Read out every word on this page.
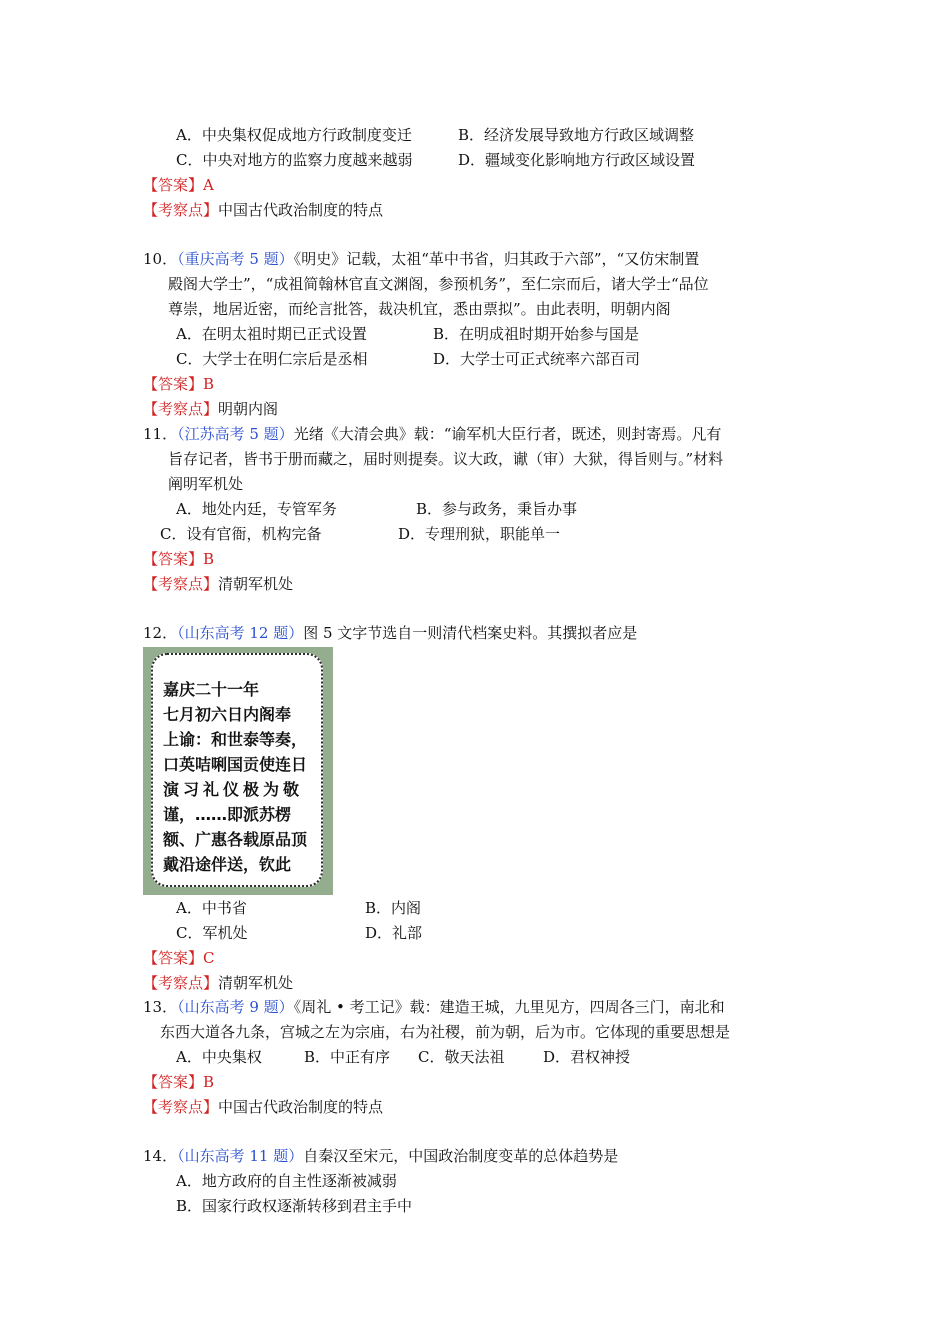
A．中央集权促成地方行政制度变迁	B．经济发展导致地方行政区域调整
C．中央对地方的监察力度越来越弱	D．疆域变化影响地方行政区域设置
【答案】A
【考察点】中国古代政治制度的特点
10．（重庆高考 5 题）《明史》记载，太祖“革中书省，归其政于六部”，“又仿宋制置
殿阁大学士”，“成祖简翰林官直文渊阁，参预机务”，至仁宗而后，诸大学士“品位
尊崇，地居近密，而纶言批答，裁决机宜，悉由票拟”。由此表明，明朝内阁
A．在明太祖时期已正式设置	B．在明成祖时期开始参与国是
C．大学士在明仁宗后是丞相	D．大学士可正式统率六部百司
【答案】B
【考察点】明朝内阁
11．（江苏高考 5 题）光绪《大清会典》载：“谕军机大臣行者，既述，则封寄焉。凡有
旨存记者，皆书于册而藏之，届时则提奏。议大政，谳（审）大狱，得旨则与。”材料
阐明军机处
A．地处内廷，专管军务	B．参与政务，秉旨办事
C．设有官衙，机构完备	D．专理刑狱，职能单一
【答案】B
【考察点】清朝军机处
12．（山东高考 12 题）图 5 文字节选自一则清代档案史料。其撰拟者应是
嘉庆二十一年
七月初六日内阁奉
上谕：和世泰等奏，
口英咭唎国贡使连日
演习礼仪极为敬
谨，……即派苏楞
额、广惠各载原品顶
戴沿途伴送，钦此
A．中书省	B．内阁
C．军机处	D．礼部
【答案】C
【考察点】清朝军机处
13．（山东高考 9 题）《周礼 • 考工记》载：建造王城，九里见方，四周各三门，南北和
东西大道各九条，宫城之左为宗庙，右为社稷，前为朝，后为市。它体现的重要思想是
A．中央集权	B．中正有序 C．敬天法祖	D．君权神授
【答案】B
【考察点】中国古代政治制度的特点
14．（山东高考 11 题）自秦汉至宋元，中国政治制度变革的总体趋势是
A．地方政府的自主性逐渐被减弱
B．国家行政权逐渐转移到君主手中
